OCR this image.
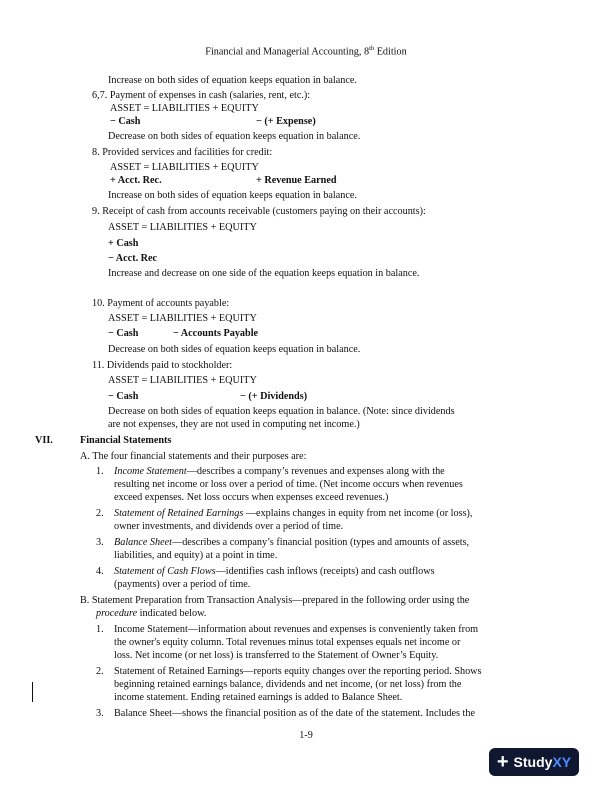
Financial and Managerial Accounting, 8th Edition
Increase on both sides of equation keeps equation in balance.
6,7. Payment of expenses in cash (salaries, rent, etc.):
ASSET = LIABILITIES + EQUITY
− Cash	− (+ Expense)
Decrease on both sides of equation keeps equation in balance.
8. Provided services and facilities for credit:
ASSET = LIABILITIES + EQUITY
+ Acct. Rec.	+ Revenue Earned
Increase on both sides of equation keeps equation in balance.
9. Receipt of cash from accounts receivable (customers paying on their accounts):
ASSET = LIABILITIES + EQUITY
+ Cash
− Acct. Rec
Increase and decrease on one side of the equation keeps equation in balance.
10. Payment of accounts payable:
ASSET = LIABILITIES + EQUITY
− Cash	− Accounts Payable
Decrease on both sides of equation keeps equation in balance.
11. Dividends paid to stockholder:
ASSET = LIABILITIES + EQUITY
− Cash	− (+ Dividends)
Decrease on both sides of equation keeps equation in balance. (Note: since dividends
are not expenses, they are not used in computing net income.)
VII.	Financial Statements
A. The four financial statements and their purposes are:
1. Income Statement—describes a company’s revenues and expenses along with the
resulting net income or loss over a period of time. (Net income occurs when revenues
exceed expenses. Net loss occurs when expenses exceed revenues.)
2. Statement of Retained Earnings —explains changes in equity from net income (or loss),
owner investments, and dividends over a period of time.
3. Balance Sheet—describes a company’s financial position (types and amounts of assets,
liabilities, and equity) at a point in time.
4. Statement of Cash Flows—identifies cash inflows (receipts) and cash outflows
(payments) over a period of time.
B. Statement Preparation from Transaction Analysis—prepared in the following order using the
procedure indicated below.
1. Income Statement—information about revenues and expenses is conveniently taken from
the owner's equity column. Total revenues minus total expenses equals net income or
loss. Net income (or net loss) is transferred to the Statement of Owner’s Equity.
2. Statement of Retained Earnings—reports equity changes over the reporting period. Shows
beginning retained earnings balance, dividends and net income, (or net loss) from the
income statement. Ending retained earnings is added to Balance Sheet.
3. Balance Sheet—shows the financial position as of the date of the statement. Includes the
1-9
+ StudyXY
